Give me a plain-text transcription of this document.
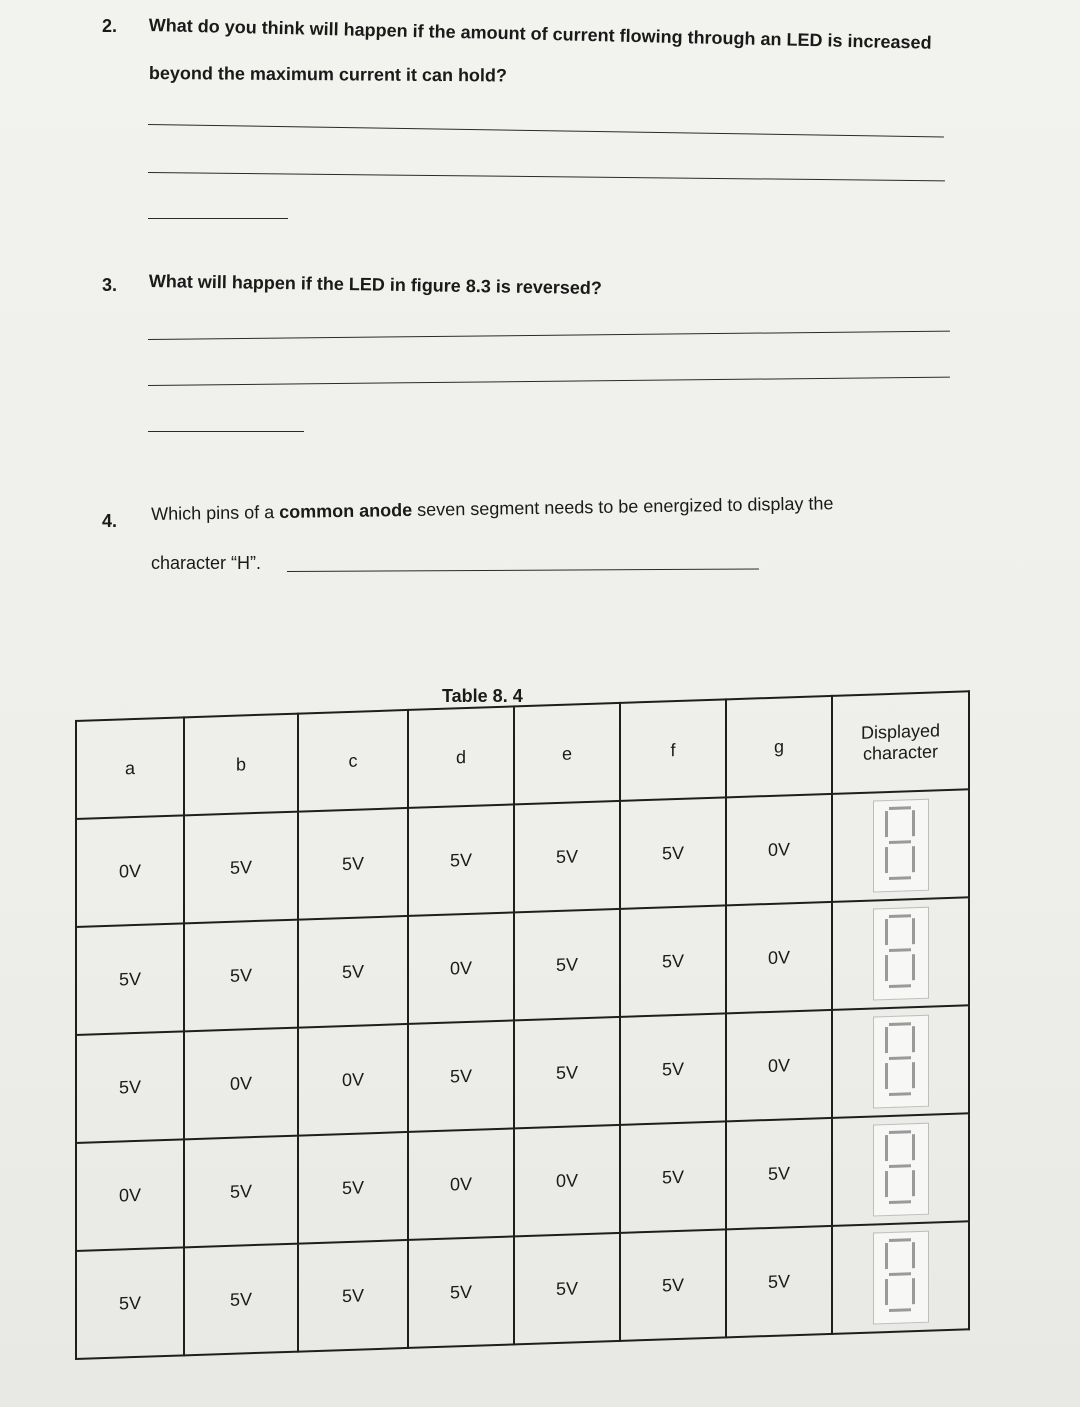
2. What do you think will happen if the amount of current flowing through an LED is increased
beyond the maximum current it can hold?
3. What will happen if the LED in figure 8.3 is reversed?
4. Which pins of a common anode seven segment needs to be energized to display the
character “H”.
Table 8. 4
a	b	c	d	e	f	g	Displayed character
0V	5V	5V	5V	5V	5V	0V	

5V	5V	5V	0V	5V	5V	0V	

5V	0V	0V	5V	5V	5V	0V	

0V	5V	5V	0V	0V	5V	5V	

5V	5V	5V	5V	5V	5V	5V	
